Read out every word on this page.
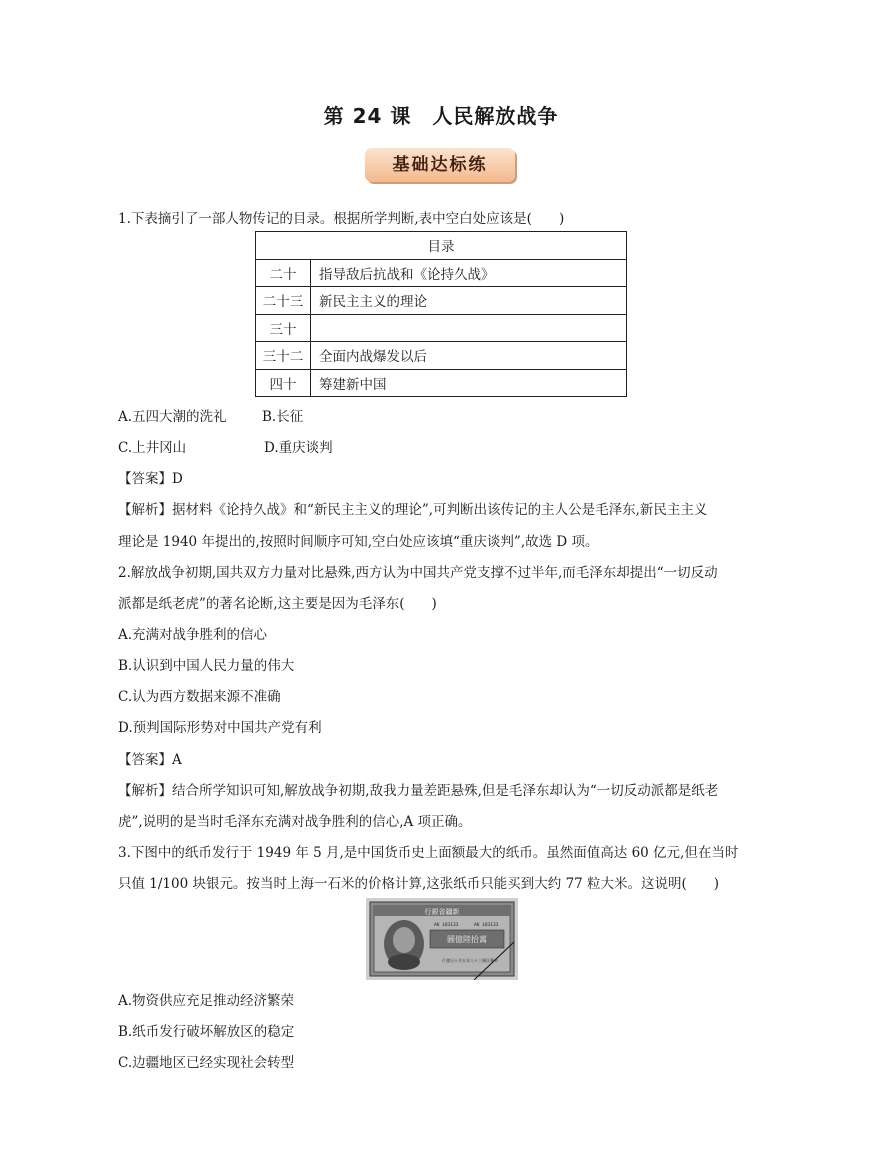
第 24 课　人民解放战争
基础达标练
1.下表摘引了一部人物传记的目录。根据所学判断,表中空白处应该是(　　)
目录	
二十	指导敌后抗战和《论持久战》
二十三	新民主主义的理论
三十	
三十二	全面内战爆发以后
四十	筹建新中国
A.五四大潮的洗礼	B.长征
C.上井冈山	D.重庆谈判
【答案】D
【解析】据材料《论持久战》和“新民主主义的理论”,可判断出该传记的主人公是毛泽东,新民主主义
理论是 1940 年提出的,按照时间顺序可知,空白处应该填“重庆谈判”,故选 D 项。
2.解放战争初期,国共双方力量对比悬殊,西方认为中国共产党支撑不过半年,而毛泽东却提出“一切反动
派都是纸老虎”的著名论断,这主要是因为毛泽东(　　)
A.充满对战争胜利的信心
B.认识到中国人民力量的伟大
C.认为西方数据来源不准确
D.预判国际形势对中国共产党有利
【答案】A
【解析】结合所学知识可知,解放战争初期,敌我力量差距悬殊,但是毛泽东却认为“一切反动派都是纸老
虎”,说明的是当时毛泽东充满对战争胜利的信心,A 项正确。
3.下图中的纸币发行于 1949 年 5 月,是中国货币史上面额最大的纸币。虽然面值高达 60 亿元,但在当时
只值 1/100 块银元。按当时上海一石米的价格计算,这张纸币只能买到大约 77 粒大米。这说明(　　)
行銀省疆新
圓億陸拾萬
AK 183133	AK 183133
行發日十月五年八十三國民華中
A.物资供应充足推动经济繁荣
B.纸币发行破坏解放区的稳定
C.边疆地区已经实现社会转型
